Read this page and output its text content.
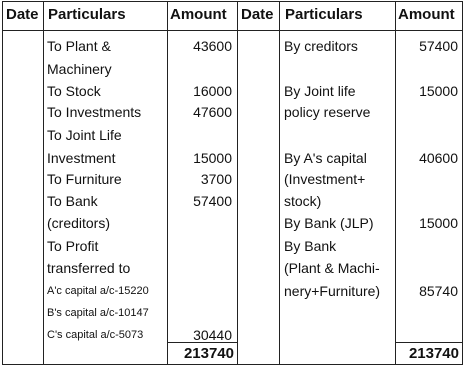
Date Particulars	Amount Date Particulars Amount
To Plant &
Machinery
To Stock
To Investments
To Joint Life
Investment
To Furniture
To Bank
(creditors)
To Profit
transferred to
A'c capital a/c-15220
B's capital a/c-10147
C's capital a/c-5073
43600
16000
47600
15000
3700
57400
30440
213740
By creditors
By Joint life
policy reserve
By A's capital
(Investment+
stock)
By Bank (JLP)
By Bank
(Plant & Machi-
nery+Furniture)
57400
15000
40600
15000
85740
213740
